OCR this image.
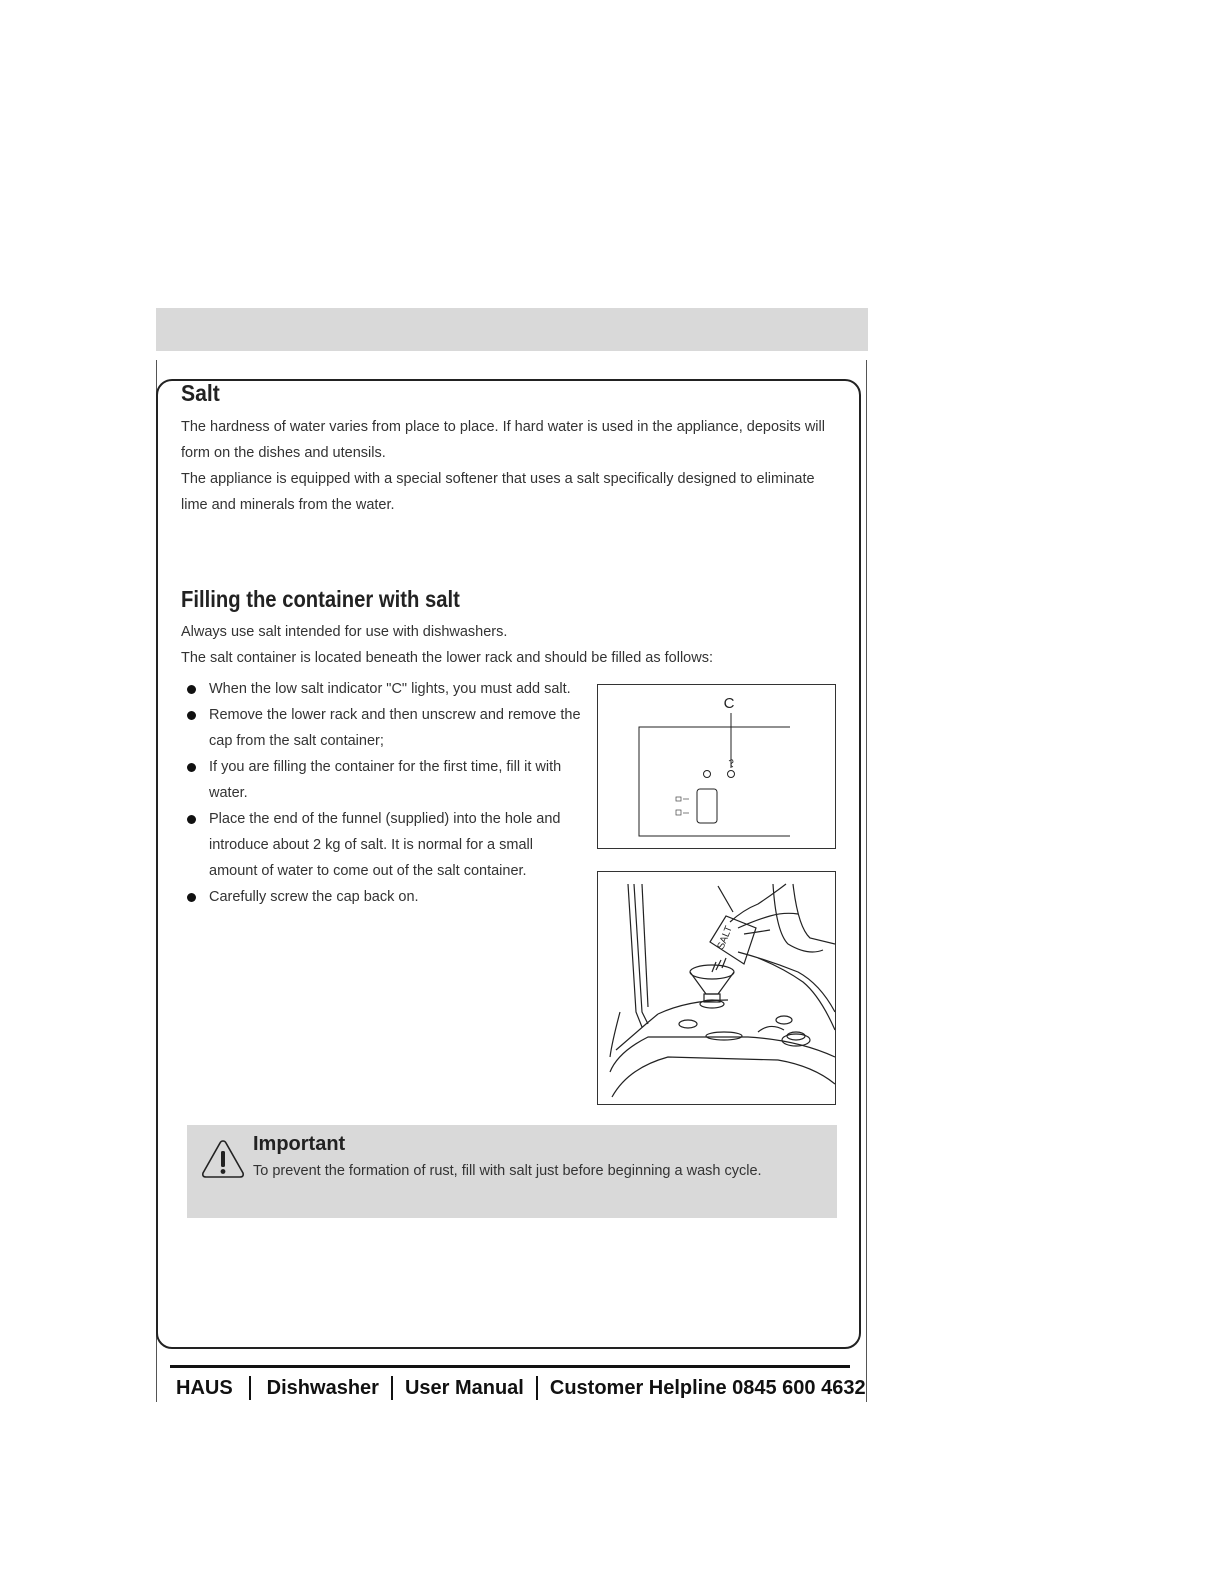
Salt

The hardness of water varies from place to place. If hard water is used in the appliance, deposits will form on the dishes and utensils.

The appliance is equipped with a special softener that uses a salt specifically designed to eliminate lime and minerals from the water.

Filling the container with salt

Always use salt intended for use with dishwashers.

The salt container is located beneath the lower rack and should be filled as follows:

When the low salt indicator "C" lights, you must add salt.
Remove the lower rack and then unscrew and remove the cap from the salt container;
If you are filling the container for the first time, fill it with water.
Place the end of the funnel (supplied) into the hole and introduce about 2 kg of salt. It is normal for a small amount of water to come out of the salt container.
Carefully screw the cap back on.
C
SALT
Important

To prevent the formation of rust, fill with salt just before beginning a wash cycle.

HAUS Dishwasher User Manual Customer Helpline 0845 600 4632
